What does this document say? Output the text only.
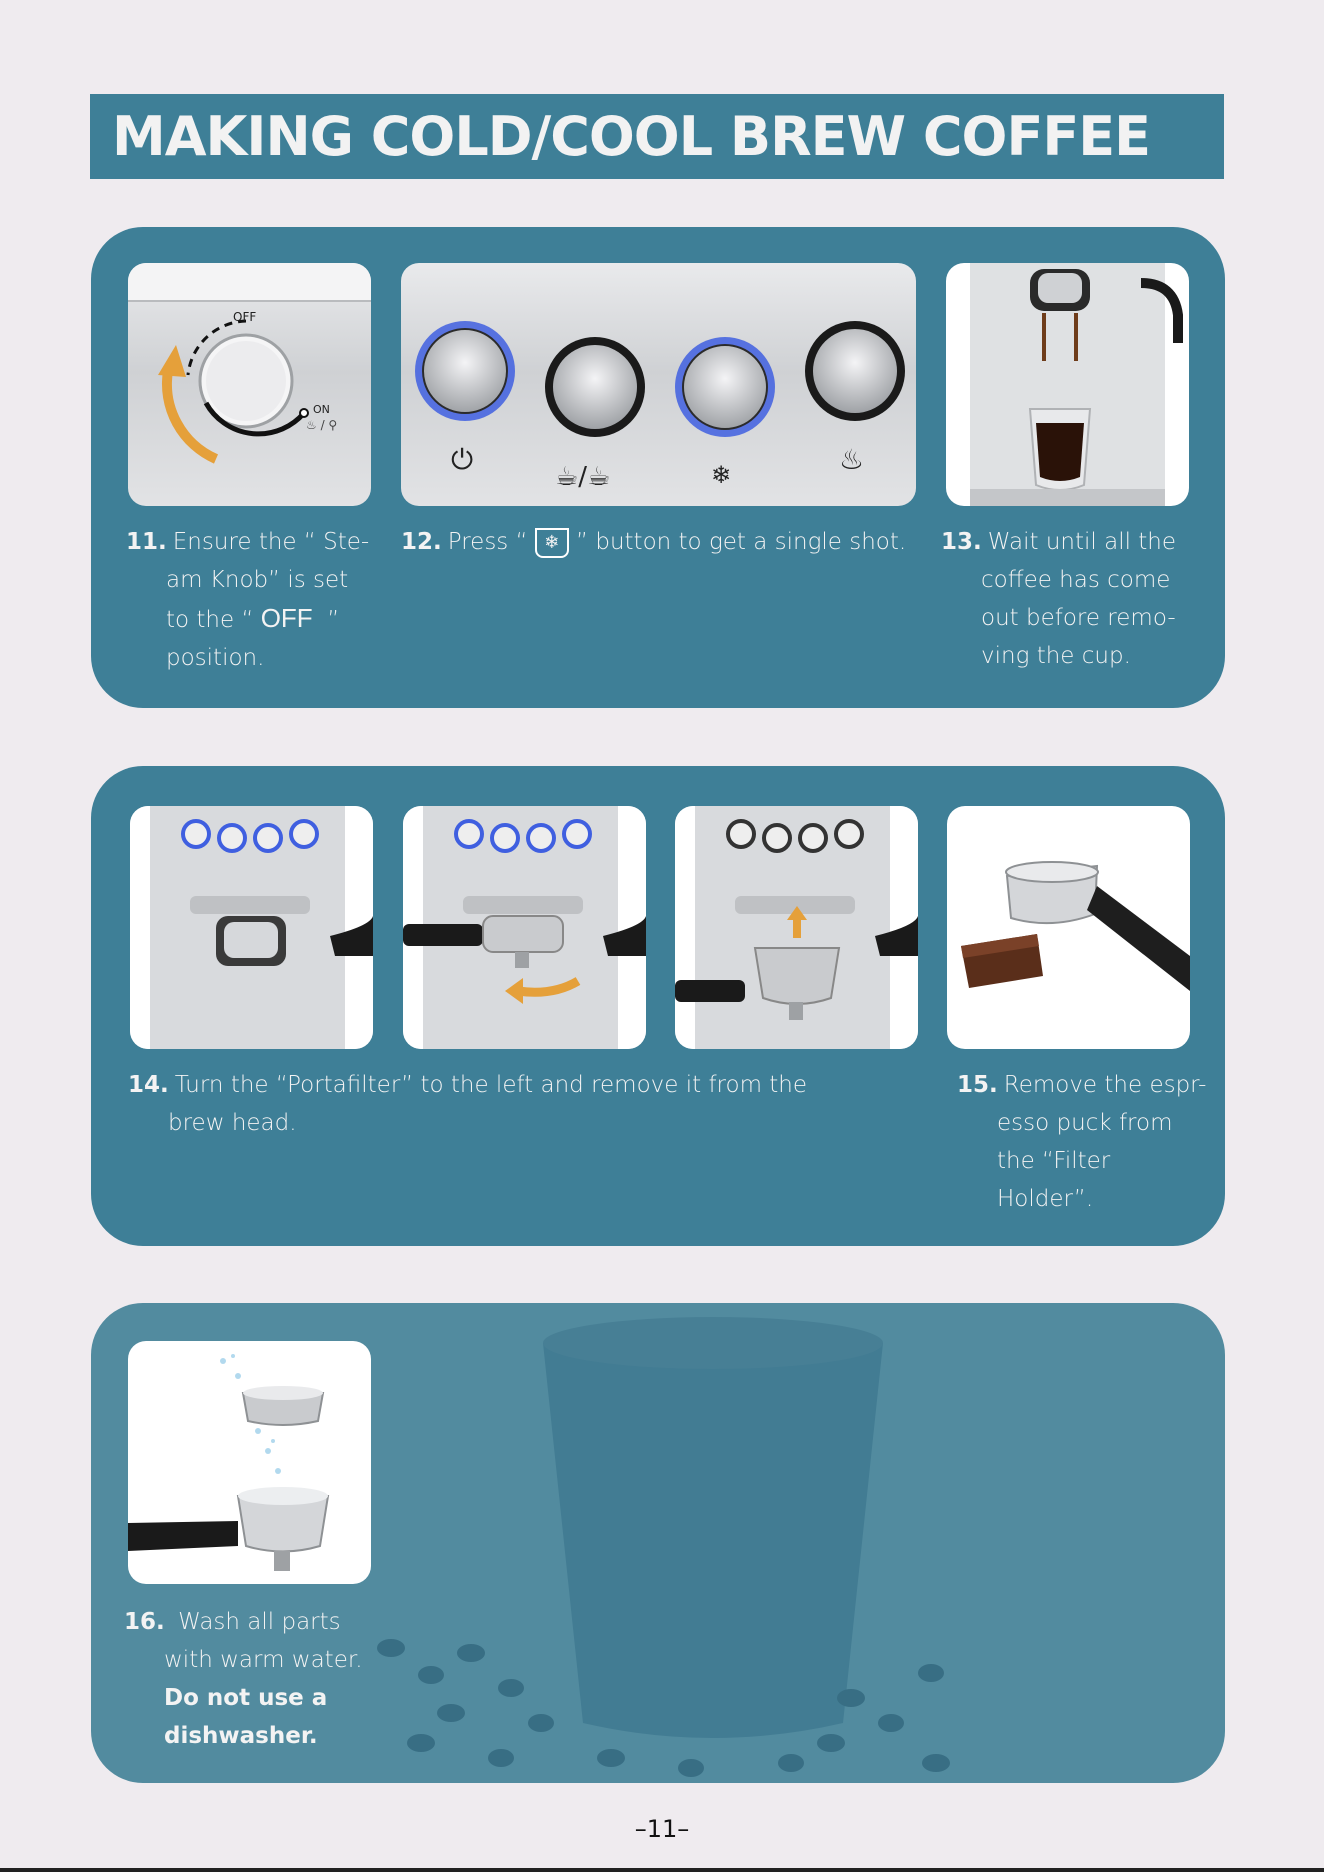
MAKING COLD/COOL BREW COFFEE
OFF
ON
♨ / ⚲
⏻
☕/☕	❄	♨
11. Ensure the “ Ste-
am Knob” is set
to the “ OFF ”
position.
12. Press “ ❄ ” button to get a single shot. 13. Wait until all the
coffee has come
out before remo-
ving the cup.
14. Turn the “Portafilter” to the left and remove it from the
brew head.
15. Remove the espr-
esso puck from
the “Filter
Holder”.
16. Wash all parts
with warm water.
Do not use a
dishwasher.
–11–
